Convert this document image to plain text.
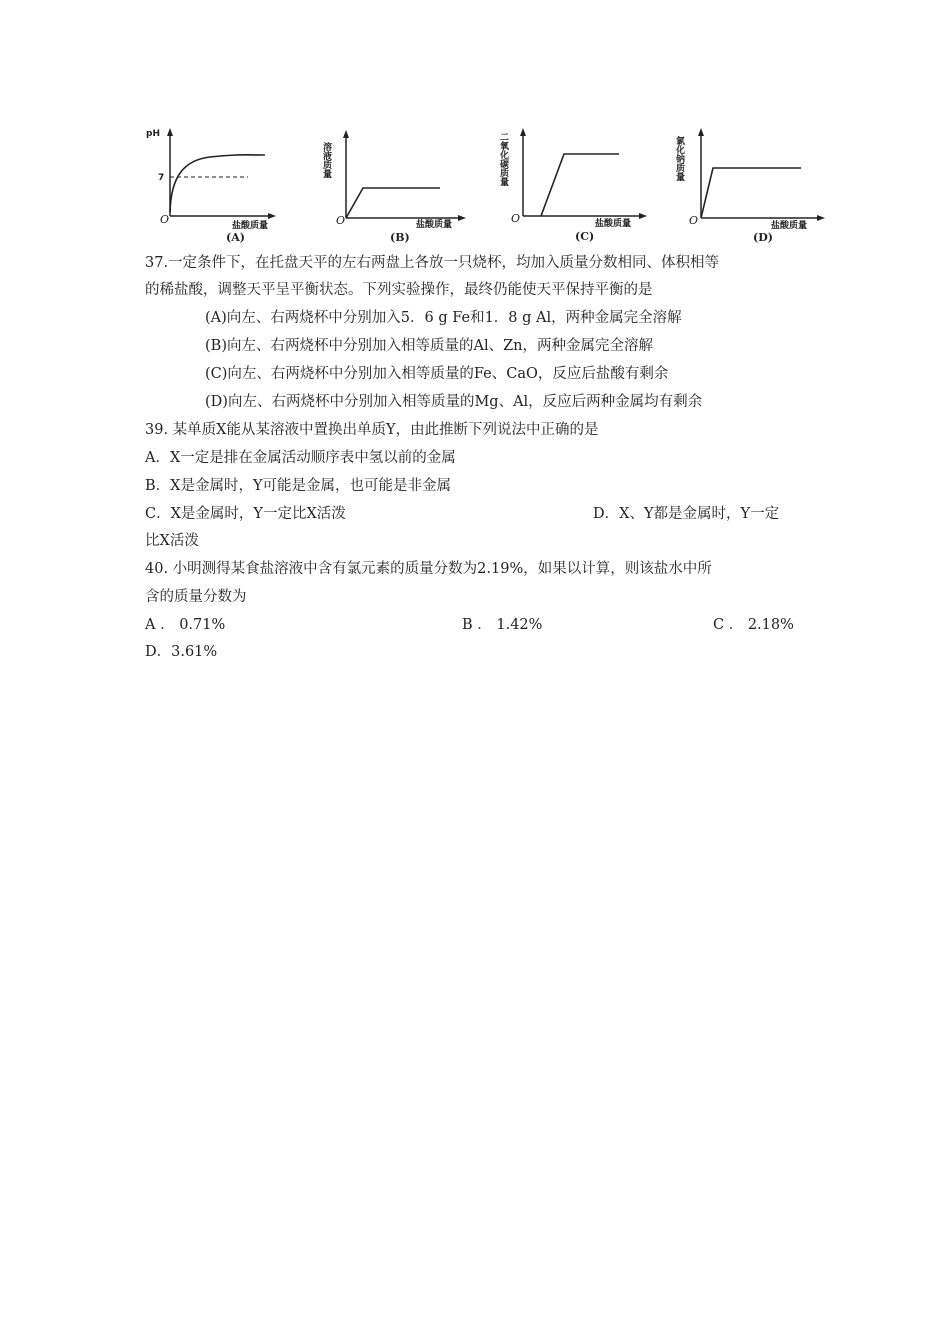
pH
7
O	盐酸质量
(A)
溶液质量
O	盐酸质量
(B)
二氧化碳质量
O	盐酸质量
(C)
氯化钠质量
O	盐酸质量
(D)
37.一定条件下，在托盘天平的左右两盘上各放一只烧杯，均加入质量分数相同、体积相等
的稀盐酸，调整天平呈平衡状态。下列实验操作，最终仍能使天平保持平衡的是
(A)向左、右两烧杯中分别加入5．6 g Fe和1．8 g Al，两种金属完全溶解
(B)向左、右两烧杯中分别加入相等质量的Al、Zn，两种金属完全溶解
(C)向左、右两烧杯中分别加入相等质量的Fe、CaO，反应后盐酸有剩余
(D)向左、右两烧杯中分别加入相等质量的Mg、Al，反应后两种金属均有剩余
39. 某单质X能从某溶液中置换出单质Y，由此推断下列说法中正确的是
A．X一定是排在金属活动顺序表中氢以前的金属
B．X是金属时，Y可能是金属，也可能是非金属
C．X是金属时，Y一定比X活泼	D．X、Y都是金属时，Y一定
比X活泼
40. 小明测得某食盐溶液中含有氯元素的质量分数为2.19%，如果以计算，则该盐水中所
含的质量分数为
A ． 0.71%	B ． 1.42%	C ． 2.18%
D．3.61%
